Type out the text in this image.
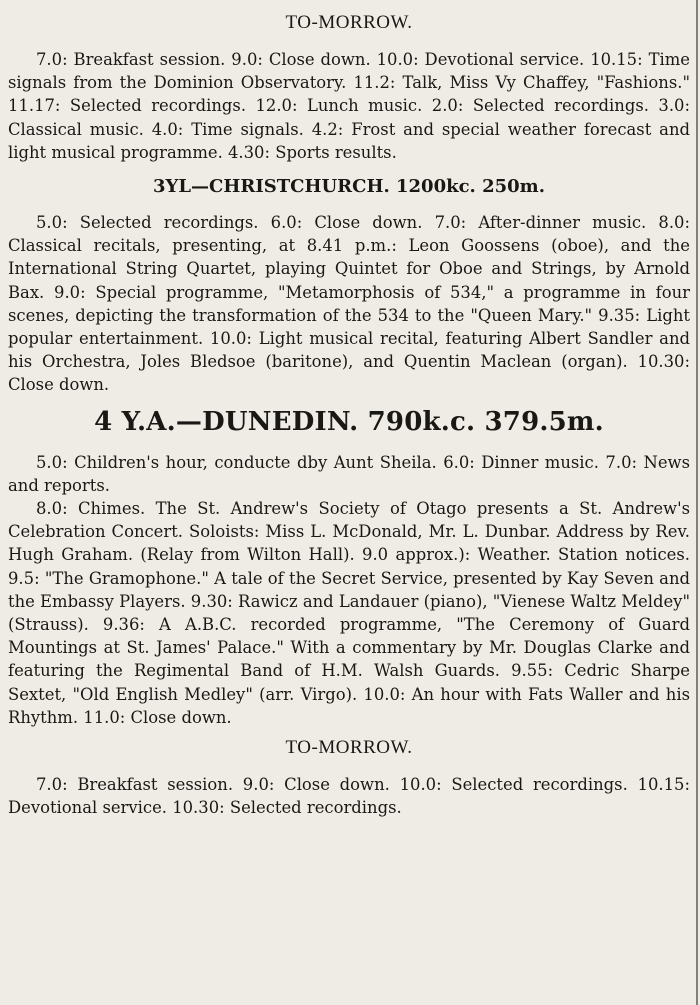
TO-MORROW.

7.0: Breakfast session. 9.0: Close down. 10.0: Devotional service. 10.15: Time signals from the Dominion Observatory. 11.2: Talk, Miss Vy Chaffey, "Fashions." 11.17: Selected recordings. 12.0: Lunch music. 2.0: Selected recordings. 3.0: Classical music. 4.0: Time signals. 4.2: Frost and special weather forecast and light musical programme. 4.30: Sports results.

3YL—CHRISTCHURCH. 1200kc. 250m.

5.0: Selected recordings. 6.0: Close down. 7.0: After-dinner music. 8.0: Classical recitals, presenting, at 8.41 p.m.: Leon Goossens (oboe), and the International String Quartet, playing Quintet for Oboe and Strings, by Arnold Bax. 9.0: Special programme, "Metamorphosis of 534," a programme in four scenes, depicting the transformation of the 534 to the "Queen Mary." 9.35: Light popular entertainment. 10.0: Light musical recital, featuring Albert Sandler and his Orchestra, Joles Bledsoe (baritone), and Quentin Maclean (organ). 10.30: Close down.

4 Y.A.—DUNEDIN. 790k.c. 379.5m.

5.0: Children's hour, conducte dby Aunt Sheila. 6.0: Dinner music. 7.0: News and reports.

8.0: Chimes. The St. Andrew's Society of Otago presents a St. Andrew's Celebration Concert. Soloists: Miss L. McDonald, Mr. L. Dunbar. Address by Rev. Hugh Graham. (Relay from Wilton Hall). 9.0 approx.): Weather. Station notices. 9.5: "The Gramophone." A tale of the Secret Service, presented by Kay Seven and the Embassy Players. 9.30: Rawicz and Landauer (piano), "Vienese Waltz Meldey" (Strauss). 9.36: A A.B.C. recorded programme, "The Ceremony of Guard Mountings at St. James' Palace." With a commentary by Mr. Douglas Clarke and featuring the Regimental Band of H.M. Walsh Guards. 9.55: Cedric Sharpe Sextet, "Old English Medley" (arr. Virgo). 10.0: An hour with Fats Waller and his Rhythm. 11.0: Close down.

TO-MORROW.

7.0: Breakfast session. 9.0: Close down. 10.0: Selected recordings. 10.15: Devotional service. 10.30: Selected recordings.
